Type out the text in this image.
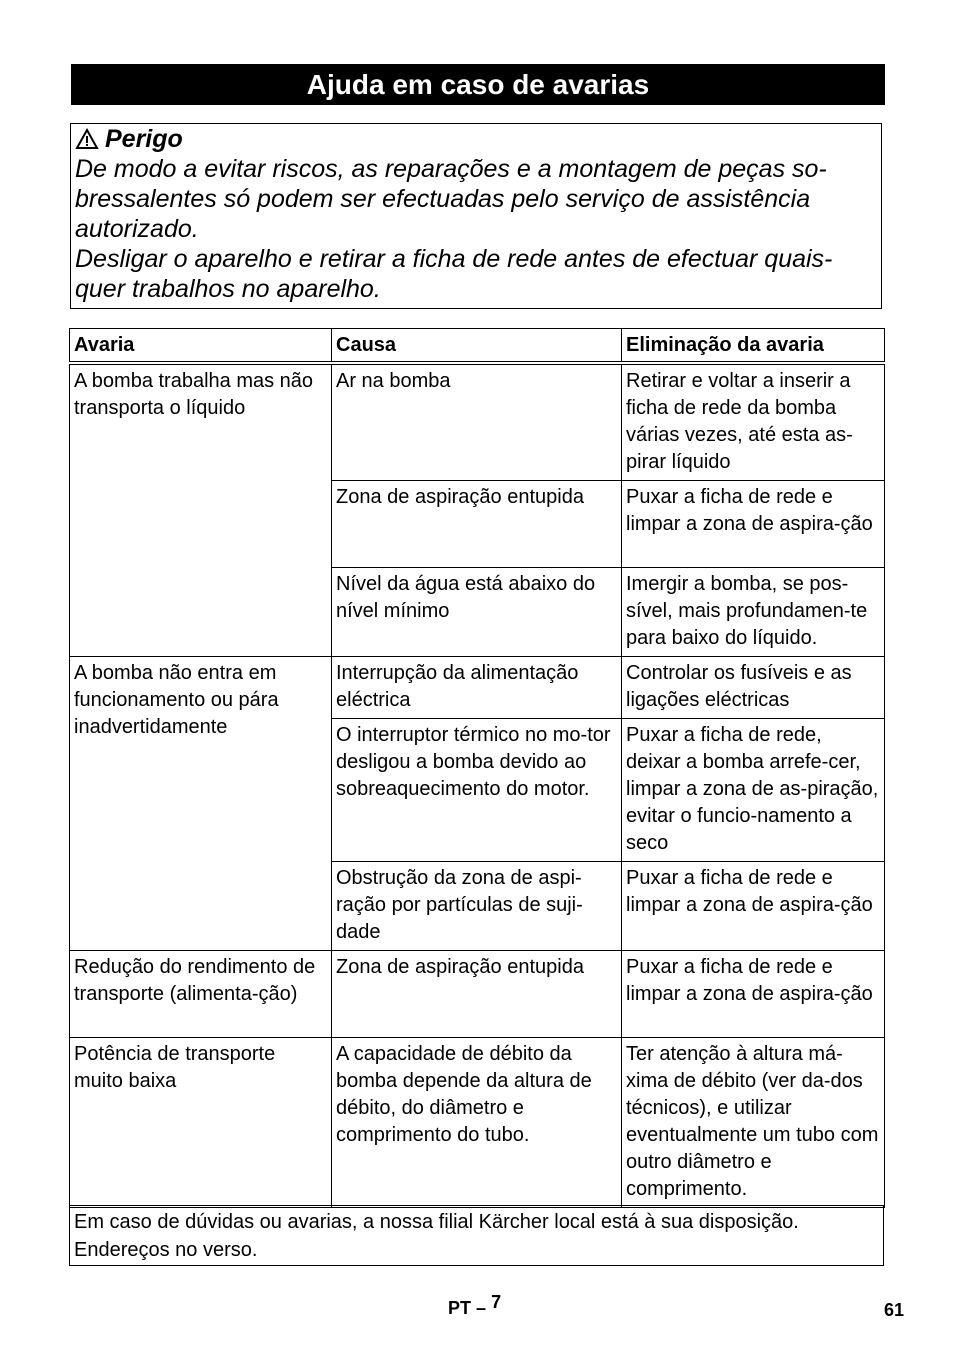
Ajuda em caso de avarias
Perigo

De modo a evitar riscos, as reparações e a montagem de peças so-

bressalentes só podem ser efectuadas pelo serviço de assistência

autorizado.

Desligar o aparelho e retirar a ficha de rede antes de efectuar quais-

quer trabalhos no aparelho.

Avaria	Causa	Eliminação da avaria
A bomba trabalha mas não transporta o líquido	Ar na bomba	Retirar e voltar a inserir a ficha de rede da bomba várias vezes, até esta as-pirar líquido
	Zona de aspiração entupida	Puxar a ficha de rede e limpar a zona de aspira-ção
	Nível da água está abaixo do nível mínimo	Imergir a bomba, se pos-sível, mais profundamen-te para baixo do líquido.
A bomba não entra em funcionamento ou pára inadvertidamente	Interrupção da alimentação eléctrica	Controlar os fusíveis e as ligações eléctricas
	O interruptor térmico no mo-tor desligou a bomba devido ao sobreaquecimento do motor.	Puxar a ficha de rede, deixar a bomba arrefe-cer, limpar a zona de as-piração, evitar o funcio-namento a seco
	Obstrução da zona de aspi-ração por partículas de suji-dade	Puxar a ficha de rede e limpar a zona de aspira-ção
Redução do rendimento de transporte (alimenta-ção)	Zona de aspiração entupida	Puxar a ficha de rede e limpar a zona de aspira-ção
Potência de transporte muito baixa	A capacidade de débito da bomba depende da altura de débito, do diâmetro e comprimento do tubo.	Ter atenção à altura má-xima de débito (ver da-dos técnicos), e utilizar eventualmente um tubo com outro diâmetro e comprimento.
Em caso de dúvidas ou avarias, a nossa filial Kärcher local está à sua disposição. Endereços no verso.
PT – 7	61
